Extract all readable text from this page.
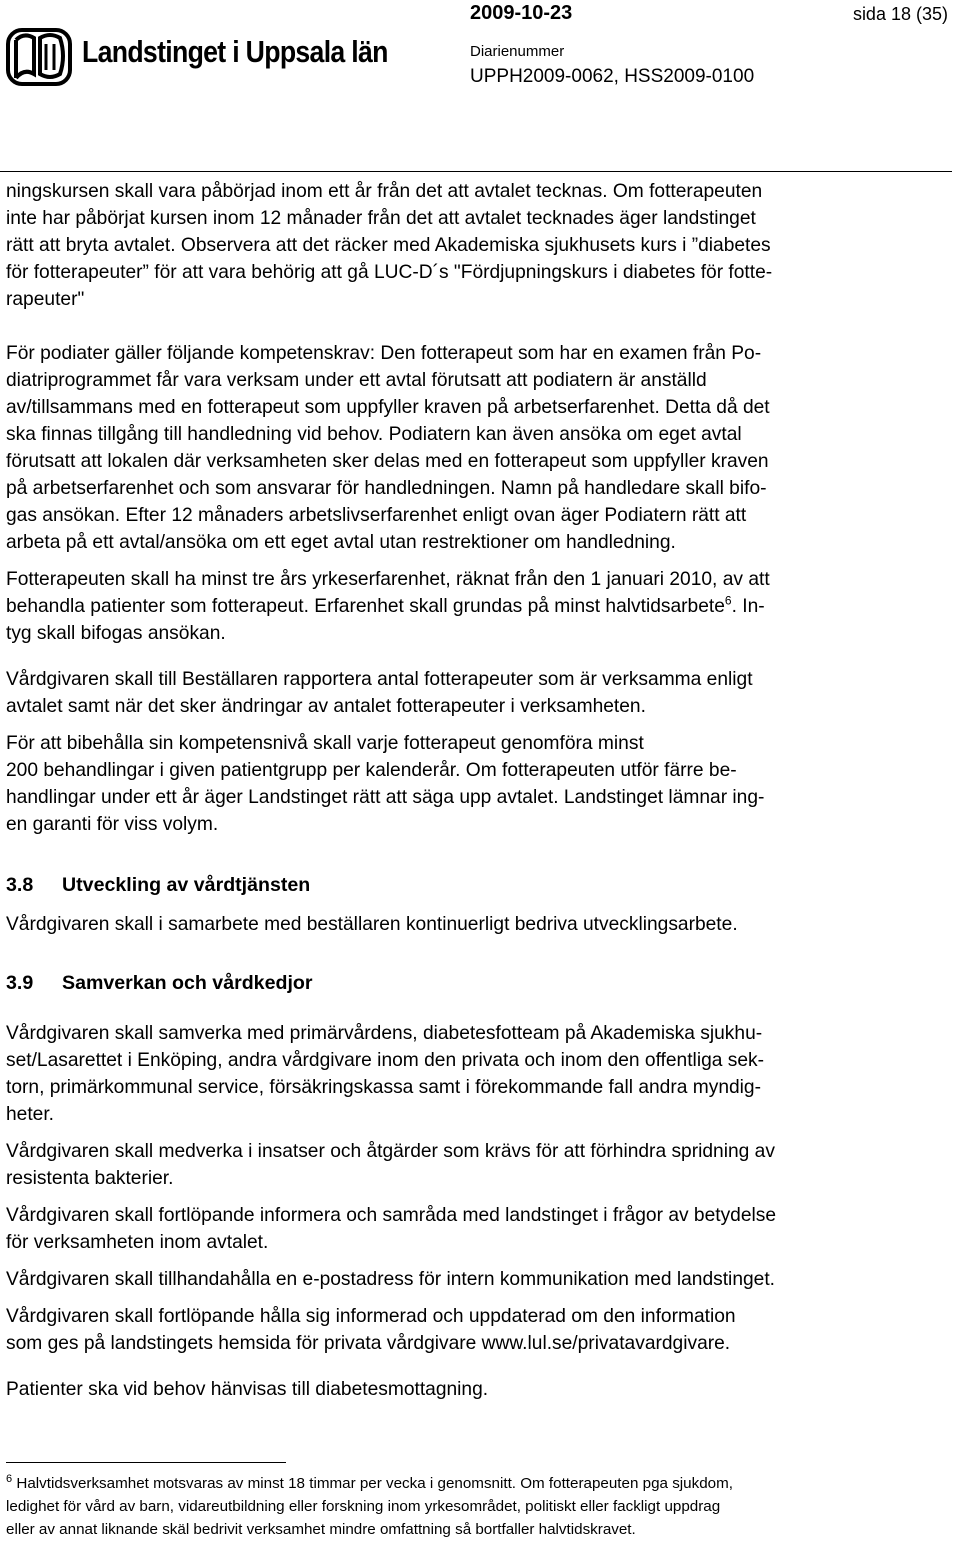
Landstinget i Uppsala län
2009-10-23	sida 18 (35)
Diarienummer
UPPH2009-0062, HSS2009-0100

ningskursen skall vara påbörjad inom ett år från det att avtalet tecknas. Om fotterapeuten
inte har påbörjat kursen inom 12 månader från det att avtalet tecknades äger landstinget
rätt att bryta avtalet. Observera att det räcker med Akademiska sjukhusets kurs i ”diabetes
för fotterapeuter” för att vara behörig att gå LUC-D´s "Fördjupningskurs i diabetes för fotte-
rapeuter"

För podiater gäller följande kompetenskrav: Den fotterapeut som har en examen från Po-
diatriprogrammet får vara verksam under ett avtal förutsatt att podiatern är anställd
av/tillsammans med en fotterapeut som uppfyller kraven på arbetserfarenhet. Detta då det
ska finnas tillgång till handledning vid behov. Podiatern kan även ansöka om eget avtal
förutsatt att lokalen där verksamheten sker delas med en fotterapeut som uppfyller kraven
på arbetserfarenhet och som ansvarar för handledningen. Namn på handledare skall bifo-
gas ansökan. Efter 12 månaders arbetslivserfarenhet enligt ovan äger Podiatern rätt att
arbeta på ett avtal/ansöka om ett eget avtal utan restrektioner om handledning.

Fotterapeuten skall ha minst tre års yrkeserfarenhet, räknat från den 1 januari 2010, av att
behandla patienter som fotterapeut. Erfarenhet skall grundas på minst halvtidsarbete$^6$. In-
tyg skall bifogas ansökan.

Vårdgivaren skall till Beställaren rapportera antal fotterapeuter som är verksamma enligt
avtalet samt när det sker ändringar av antalet fotterapeuter i verksamheten.

För att bibehålla sin kompetensnivå skall varje fotterapeut genomföra minst
200 behandlingar i given patientgrupp per kalenderår. Om fotterapeuten utför färre be-
handlingar under ett år äger Landstinget rätt att säga upp avtalet. Landstinget lämnar ing-
en garanti för viss volym.

3.8 Utveckling av vårdtjänsten

Vårdgivaren skall i samarbete med beställaren kontinuerligt bedriva utvecklingsarbete.

3.9 Samverkan och vårdkedjor

Vårdgivaren skall samverka med primärvårdens, diabetesfotteam på Akademiska sjukhu-
set/Lasarettet i Enköping, andra vårdgivare inom den privata och inom den offentliga sek-
torn, primärkommunal service, försäkringskassa samt i förekommande fall andra myndig-
heter.

Vårdgivaren skall medverka i insatser och åtgärder som krävs för att förhindra spridning av
resistenta bakterier.

Vårdgivaren skall fortlöpande informera och samråda med landstinget i frågor av betydelse
för verksamheten inom avtalet.

Vårdgivaren skall tillhandahålla en e-postadress för intern kommunikation med landstinget.

Vårdgivaren skall fortlöpande hålla sig informerad och uppdaterad om den information
som ges på landstingets hemsida för privata vårdgivare www.lul.se/privatavardgivare.

Patienter ska vid behov hänvisas till diabetesmottagning.

$^6$ Halvtidsverksamhet motsvaras av minst 18 timmar per vecka i genomsnitt. Om fotterapeuten pga sjukdom,
ledighet för vård av barn, vidareutbildning eller forskning inom yrkesområdet, politiskt eller fackligt uppdrag
eller av annat liknande skäl bedrivit verksamhet mindre omfattning så bortfaller halvtidskravet.
